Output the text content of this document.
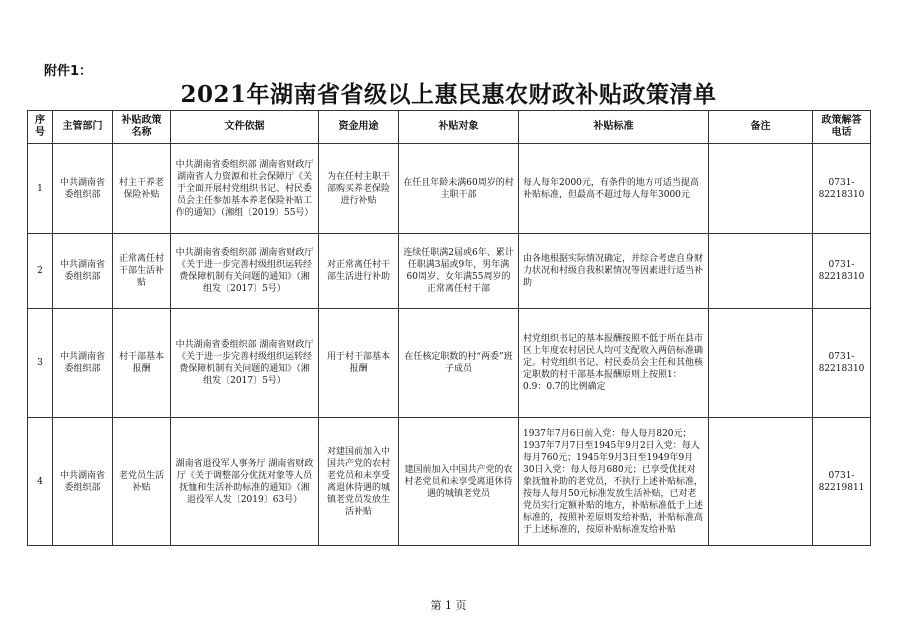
附件1：
2021年湖南省省级以上惠民惠农财政补贴政策清单
序号	主管部门	补贴政策名称	文件依据	资金用途	补贴对象	补贴标准	备注	政策解答电话
1	中共湖南省委组织部	村主干养老保险补贴	中共湖南省委组织部 湖南省财政厅 湖南省人力资源和社会保障厅《关于全面开展村党组织书记、村民委员会主任参加基本养老保险补贴工作的通知》（湘组〔2019〕55号）	为在任村主职干部购买养老保险进行补贴	在任且年龄未满60周岁的村主职干部	每人每年2000元，有条件的地方可适当提高补贴标准，但最高不超过每人每年3000元		0731-82218310
2	中共湖南省委组织部	正常离任村干部生活补贴	中共湖南省委组织部 湖南省财政厅《关于进一步完善村级组织运转经费保障机制有关问题的通知》（湘组发〔2017〕5号）	对正常离任村干部生活进行补助	连续任职满2届或6年、累计任职满3届或9年，男年满60周岁、女年满55周岁的正常离任村干部	由各地根据实际情况确定，并综合考虑自身财力状况和村级自我积累情况等因素进行适当补助		0731-82218310
3	中共湖南省委组织部	村干部基本报酬	中共湖南省委组织部 湖南省财政厅《关于进一步完善村级组织运转经费保障机制有关问题的通知》（湘组发〔2017〕5号）	用于村干部基本报酬	在任核定职数的村“两委”班子成员	村党组织书记的基本报酬按照不低于所在县市区上年度农村居民人均可支配收入两倍标准确定。村党组织书记、村民委员会主任和其他核定职数的村干部基本报酬原则上按照1：0.9：0.7的比例确定		0731-82218310
4	中共湖南省委组织部	老党员生活补贴	湖南省退役军人事务厅 湖南省财政厅《关于调整部分优抚对象等人员抚恤和生活补助标准的通知》（湘退役军人发〔2019〕63号）	对建国前加入中国共产党的农村老党员和未享受离退休待遇的城镇老党员发放生活补贴	建国前加入中国共产党的农村老党员和未享受离退休待遇的城镇老党员	1937年7月6日前入党：每人每月820元；1937年7月7日至1945年9月2日入党：每人每月760元；1945年9月3日至1949年9月30日入党：每人每月680元；已享受优抚对象抚恤补助的老党员，不执行上述补贴标准，按每人每月50元标准发放生活补贴，已对老党员实行定额补贴的地方，补贴标准低于上述标准的，按照补差原则发给补贴，补贴标准高于上述标准的，按原补贴标准发给补贴		0731-82219811
第 1 页
